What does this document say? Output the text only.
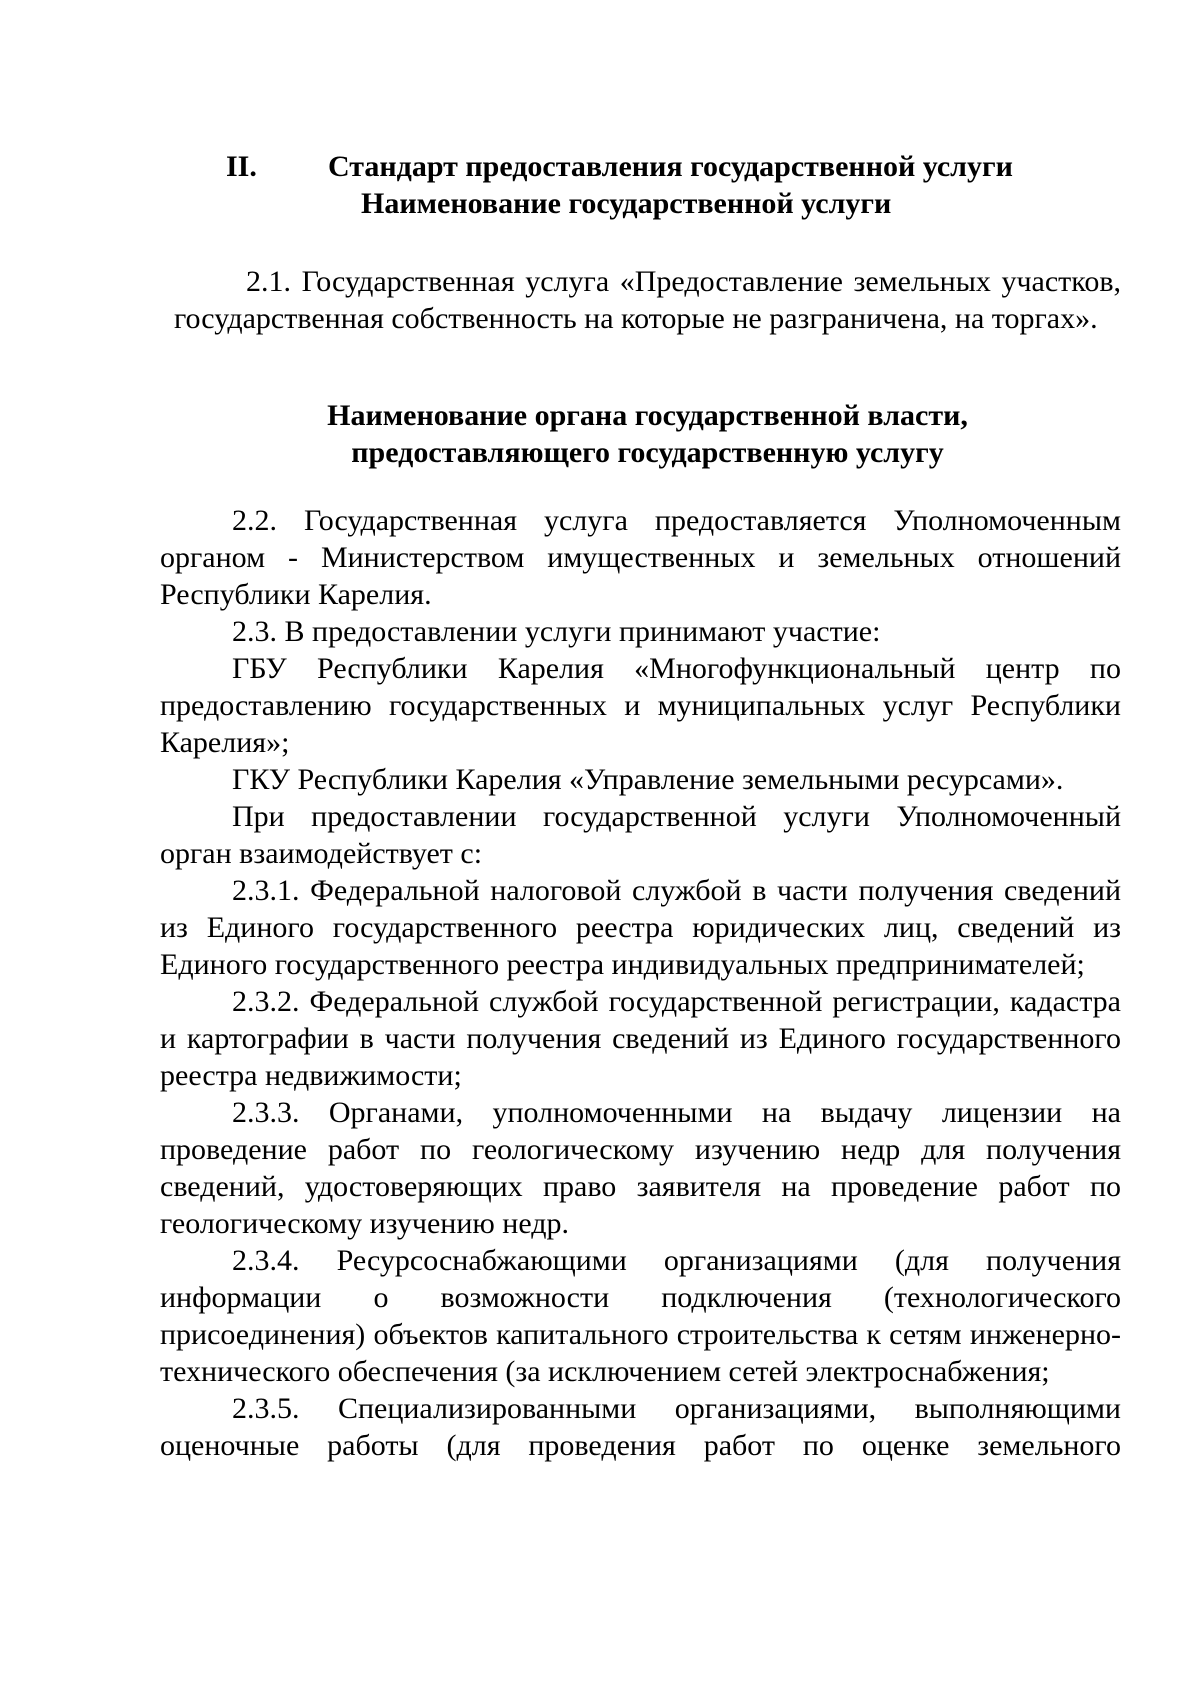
II. Стандарт предоставления государственной услуги
Наименование государственной услуги

2.1. Государственная услуга «Предоставление земельных участков, государственная собственность на которые не разграничена, на торгах».

Наименование органа государственной власти,
предоставляющего государственную услугу

2.2. Государственная услуга предоставляется Уполномоченным органом - Министерством имущественных и земельных отношений Республики Карелия.

2.3. В предоставлении услуги принимают участие:

ГБУ Республики Карелия «Многофункциональный центр по предоставлению государственных и муниципальных услуг Республики Карелия»;

ГКУ Республики Карелия «Управление земельными ресурсами».

При предоставлении государственной услуги Уполномоченный орган взаимодействует с:

2.3.1. Федеральной налоговой службой в части получения сведений из Единого государственного реестра юридических лиц, сведений из Единого государственного реестра индивидуальных предпринимателей;

2.3.2. Федеральной службой государственной регистрации, кадастра и картографии в части получения сведений из Единого государственного реестра недвижимости;

2.3.3. Органами, уполномоченными на выдачу лицензии на проведение работ по геологическому изучению недр для получения сведений, удостоверяющих право заявителя на проведение работ по геологическому изучению недр.

2.3.4. Ресурсоснабжающими организациями (для получения информации о возможности подключения (технологического присоединения) объектов капитального строительства к сетям инженерно-технического обеспечения (за исключением сетей электроснабжения;

2.3.5. Специализированными организациями, выполняющими оценочные работы (для проведения работ по оценке земельного
